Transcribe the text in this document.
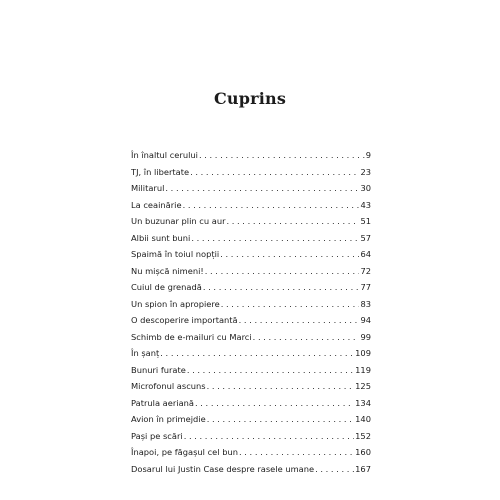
Cuprins
În înaltul cerului . . .	9
TJ, în libertate . . .	23
Militarul . . .	30
La ceainărie . . .	43
Un buzunar plin cu aur . . .	51
Albii sunt buni . . .	57
Spaimă în toiul nopții . . .	64
Nu mișcă nimeni! . . .	72
Cuiul de grenadă . . .	77
Un spion în apropiere . . .	83
O descoperire importantă . . .	94
Schimb de e-mailuri cu Marci . . .	99
În șanț . . .	109
Bunuri furate . . .	119
Microfonul ascuns . . .	125
Patrula aeriană . . .	134
Avion în primejdie . . .	140
Pași pe scări . . .	152
Înapoi, pe făgașul cel bun . . .	160
Dosarul lui Justin Case despre rasele umane . . .	167
